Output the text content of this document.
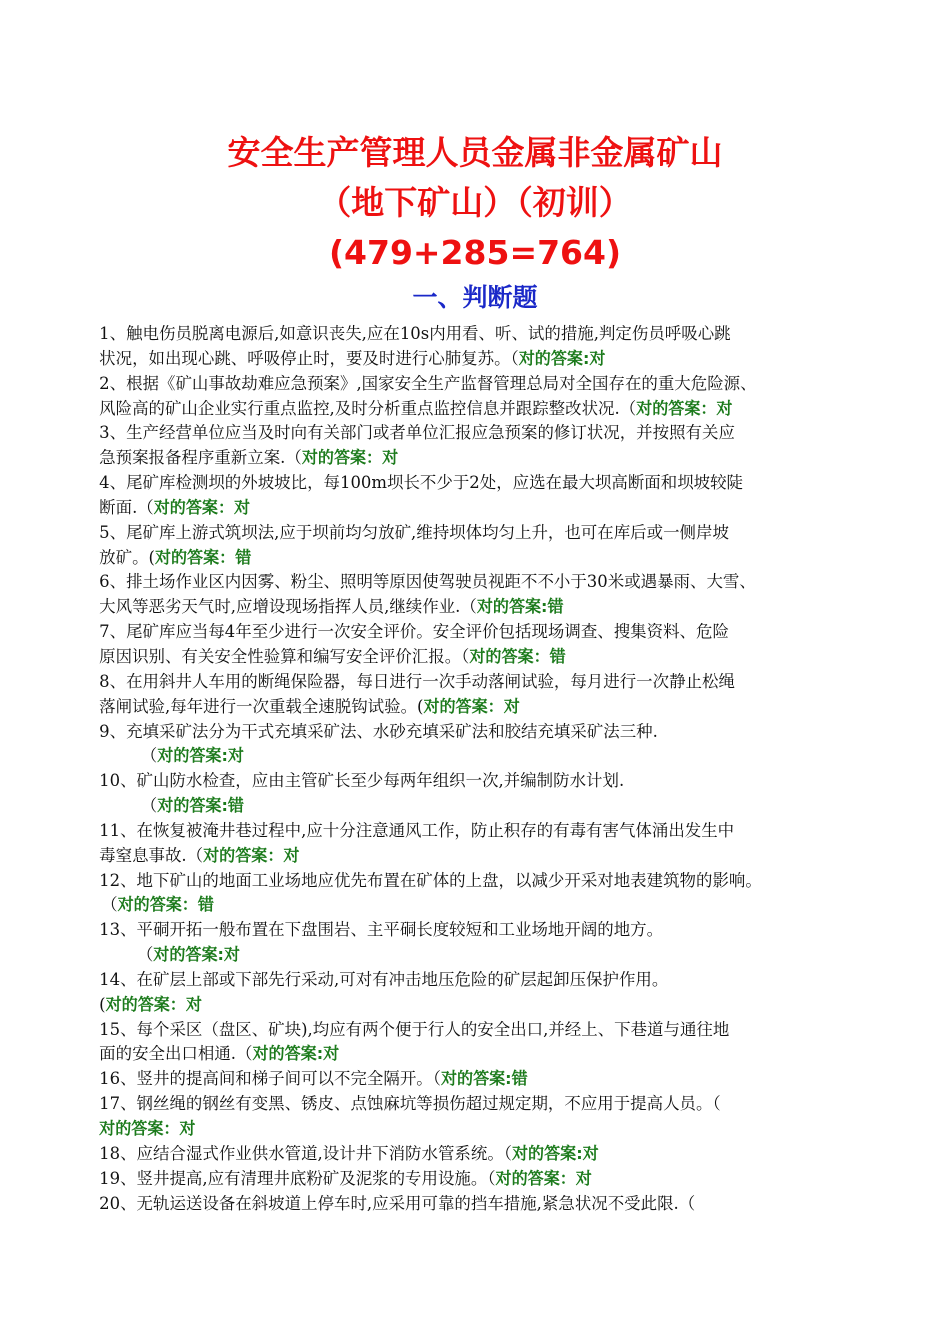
安全生产管理人员金属非金属矿山
（地下矿山）（初训）
(479+285=764)
一、判断题
1、触电伤员脱离电源后,如意识丧失,应在10s内用看、听、试的措施,判定伤员呼吸心跳
状况，如出现心跳、呼吸停止时，要及时进行心肺复苏。（对的答案:对
2、根据《矿山事故劫难应急预案》,国家安全生产监督管理总局对全国存在的重大危险源、
风险高的矿山企业实行重点监控,及时分析重点监控信息并跟踪整改状况.（对的答案：对
3、生产经营单位应当及时向有关部门或者单位汇报应急预案的修订状况，并按照有关应
急预案报备程序重新立案.（对的答案：对
4、尾矿库检测坝的外坡坡比，每100m坝长不少于2处，应选在最大坝高断面和坝坡较陡
断面.（对的答案：对
5、尾矿库上游式筑坝法,应于坝前均匀放矿,维持坝体均匀上升，也可在库后或一侧岸坡
放矿。(对的答案：错
6、排土场作业区内因雾、粉尘、照明等原因使驾驶员视距不不小于30米或遇暴雨、大雪、
大风等恶劣天气时,应增设现场指挥人员,继续作业.（对的答案:错
7、尾矿库应当每4年至少进行一次安全评价。安全评价包括现场调查、搜集资料、危险
原因识别、有关安全性验算和编写安全评价汇报。（对的答案：错
8、在用斜井人车用的断绳保险器，每日进行一次手动落闸试验，每月进行一次静止松绳
落闸试验,每年进行一次重载全速脱钩试验。(对的答案：对
9、充填采矿法分为干式充填采矿法、水砂充填采矿法和胶结充填采矿法三种.
（对的答案:对
10、矿山防水检查，应由主管矿长至少每两年组织一次,并编制防水计划.
（对的答案:错
11、在恢复被淹井巷过程中,应十分注意通风工作，防止积存的有毒有害气体涌出发生中
毒窒息事故.（对的答案：对
12、地下矿山的地面工业场地应优先布置在矿体的上盘，以减少开采对地表建筑物的影响。
（对的答案：错
13、平硐开拓一般布置在下盘围岩、主平硐长度较短和工业场地开阔的地方。
（对的答案:对
14、在矿层上部或下部先行采动,可对有冲击地压危险的矿层起卸压保护作用。
(对的答案：对
15、每个采区（盘区、矿块),均应有两个便于行人的安全出口,并经上、下巷道与通往地
面的安全出口相通.（对的答案:对
16、竖井的提高间和梯子间可以不完全隔开。（对的答案:错
17、钢丝绳的钢丝有变黑、锈皮、点蚀麻坑等损伤超过规定期，不应用于提高人员。（
对的答案：对
18、应结合湿式作业供水管道,设计井下消防水管系统。（对的答案:对
19、竖井提高,应有清理井底粉矿及泥浆的专用设施。（对的答案：对
20、无轨运送设备在斜坡道上停车时,应采用可靠的挡车措施,紧急状况不受此限.（
